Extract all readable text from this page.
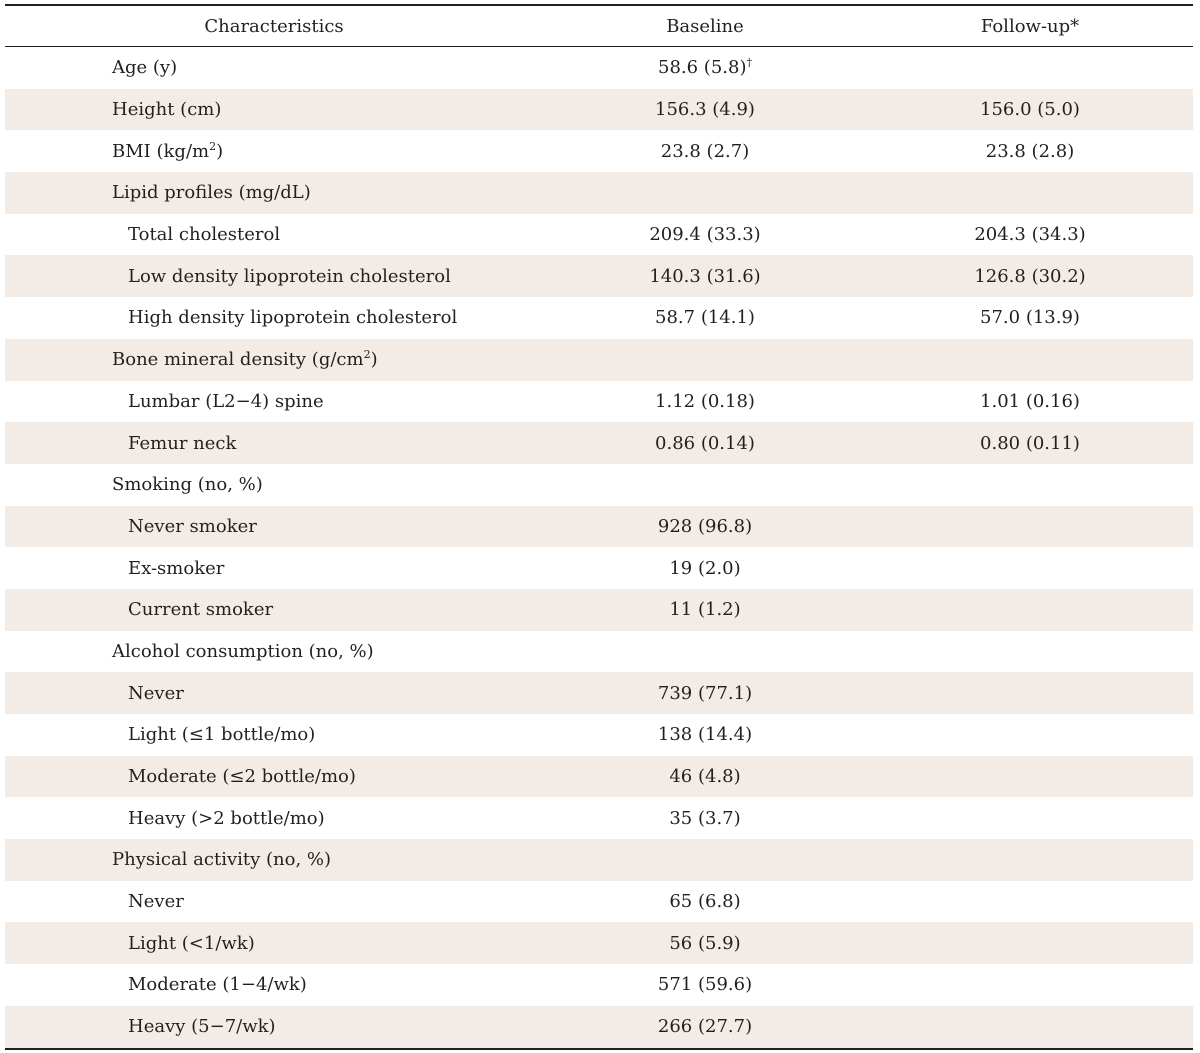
Characteristics	Baseline	Follow-up*
Age (y)	58.6 (5.8)†
Height (cm)	156.3 (4.9)	156.0 (5.0)
BMI $(kg/m^2)$	23.8 (2.7)	23.8 (2.8)
Lipid profiles (mg/dL)
Total cholesterol	209.4 (33.3)	204.3 (34.3)
Low density lipoprotein cholesterol	140.3 (31.6)	126.8 (30.2)
High density lipoprotein cholesterol	58.7 (14.1)	57.0 (13.9)
Bone mineral density $(g/cm^2)$
Lumbar (L2−4) spine	1.12 (0.18)	1.01 (0.16)
Femur neck	0.86 (0.14)	0.80 (0.11)
Smoking (no, %)
Never smoker	928 (96.8)
Ex-smoker	19 (2.0)
Current smoker	11 (1.2)
Alcohol consumption (no, %)
Never	739 (77.1)
Light (≤1 bottle/mo)	138 (14.4)
Moderate (≤2 bottle/mo)	46 (4.8)
Heavy (>2 bottle/mo)	35 (3.7)
Physical activity (no, %)
Never	65 (6.8)
Light (<1/wk)	56 (5.9)
Moderate (1−4/wk)	571 (59.6)
Heavy (5−7/wk)	266 (27.7)
